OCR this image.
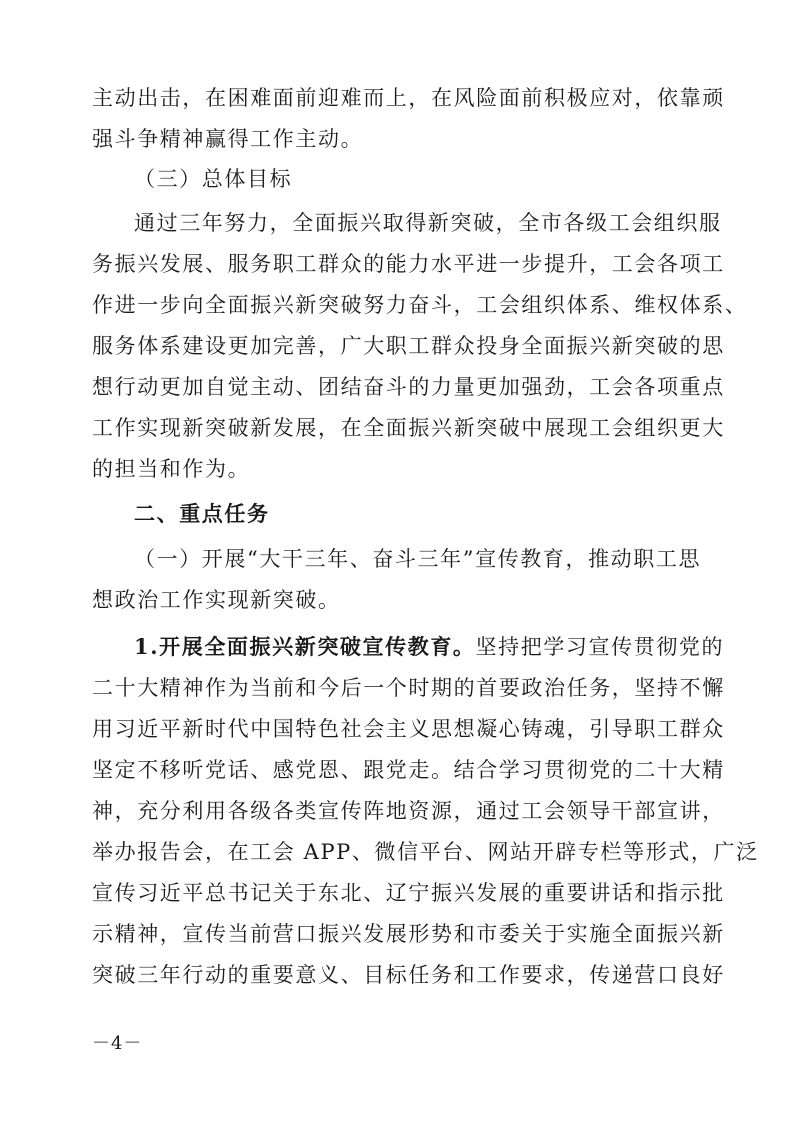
主动出击，在困难面前迎难而上，在风险面前积极应对，依靠顽
强斗争精神赢得工作主动。
（三）总体目标
通过三年努力，全面振兴取得新突破，全市各级工会组织服
务振兴发展、服务职工群众的能力水平进一步提升，工会各项工
作进一步向全面振兴新突破努力奋斗，工会组织体系、维权体系、
服务体系建设更加完善，广大职工群众投身全面振兴新突破的思
想行动更加自觉主动、团结奋斗的力量更加强劲，工会各项重点
工作实现新突破新发展，在全面振兴新突破中展现工会组织更大
的担当和作为。
二、重点任务
（一）开展“大干三年、奋斗三年”宣传教育，推动职工思
想政治工作实现新突破。
1.开展全面振兴新突破宣传教育。坚持把学习宣传贯彻党的
二十大精神作为当前和今后一个时期的首要政治任务，坚持不懈
用习近平新时代中国特色社会主义思想凝心铸魂，引导职工群众
坚定不移听党话、感党恩、跟党走。结合学习贯彻党的二十大精
神，充分利用各级各类宣传阵地资源，通过工会领导干部宣讲，
举办报告会，在工会 APP、微信平台、网站开辟专栏等形式，广泛
宣传习近平总书记关于东北、辽宁振兴发展的重要讲话和指示批
示精神，宣传当前营口振兴发展形势和市委关于实施全面振兴新
突破三年行动的重要意义、目标任务和工作要求，传递营口良好
－4－
